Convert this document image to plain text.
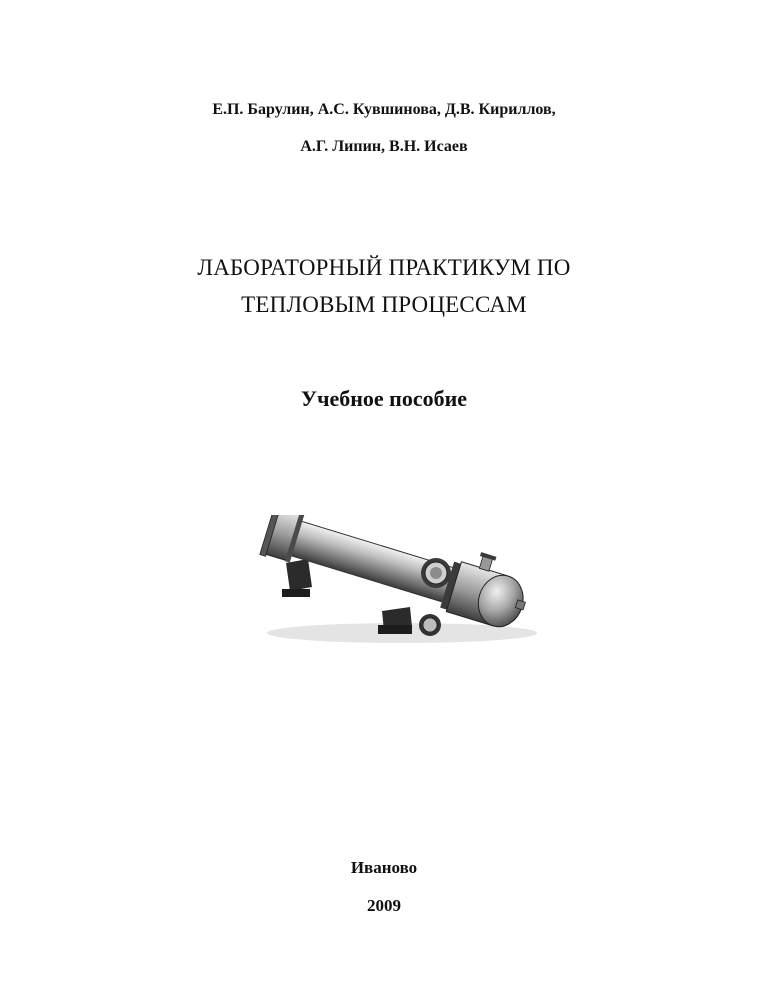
Е.П. Барулин, А.С. Кувшинова, Д.В. Кириллов,
А.Г. Липин, В.Н. Исаев
ЛАБОРАТОРНЫЙ ПРАКТИКУМ ПО
ТЕПЛОВЫМ ПРОЦЕССАМ
Учебное пособие
Иваново
2009
